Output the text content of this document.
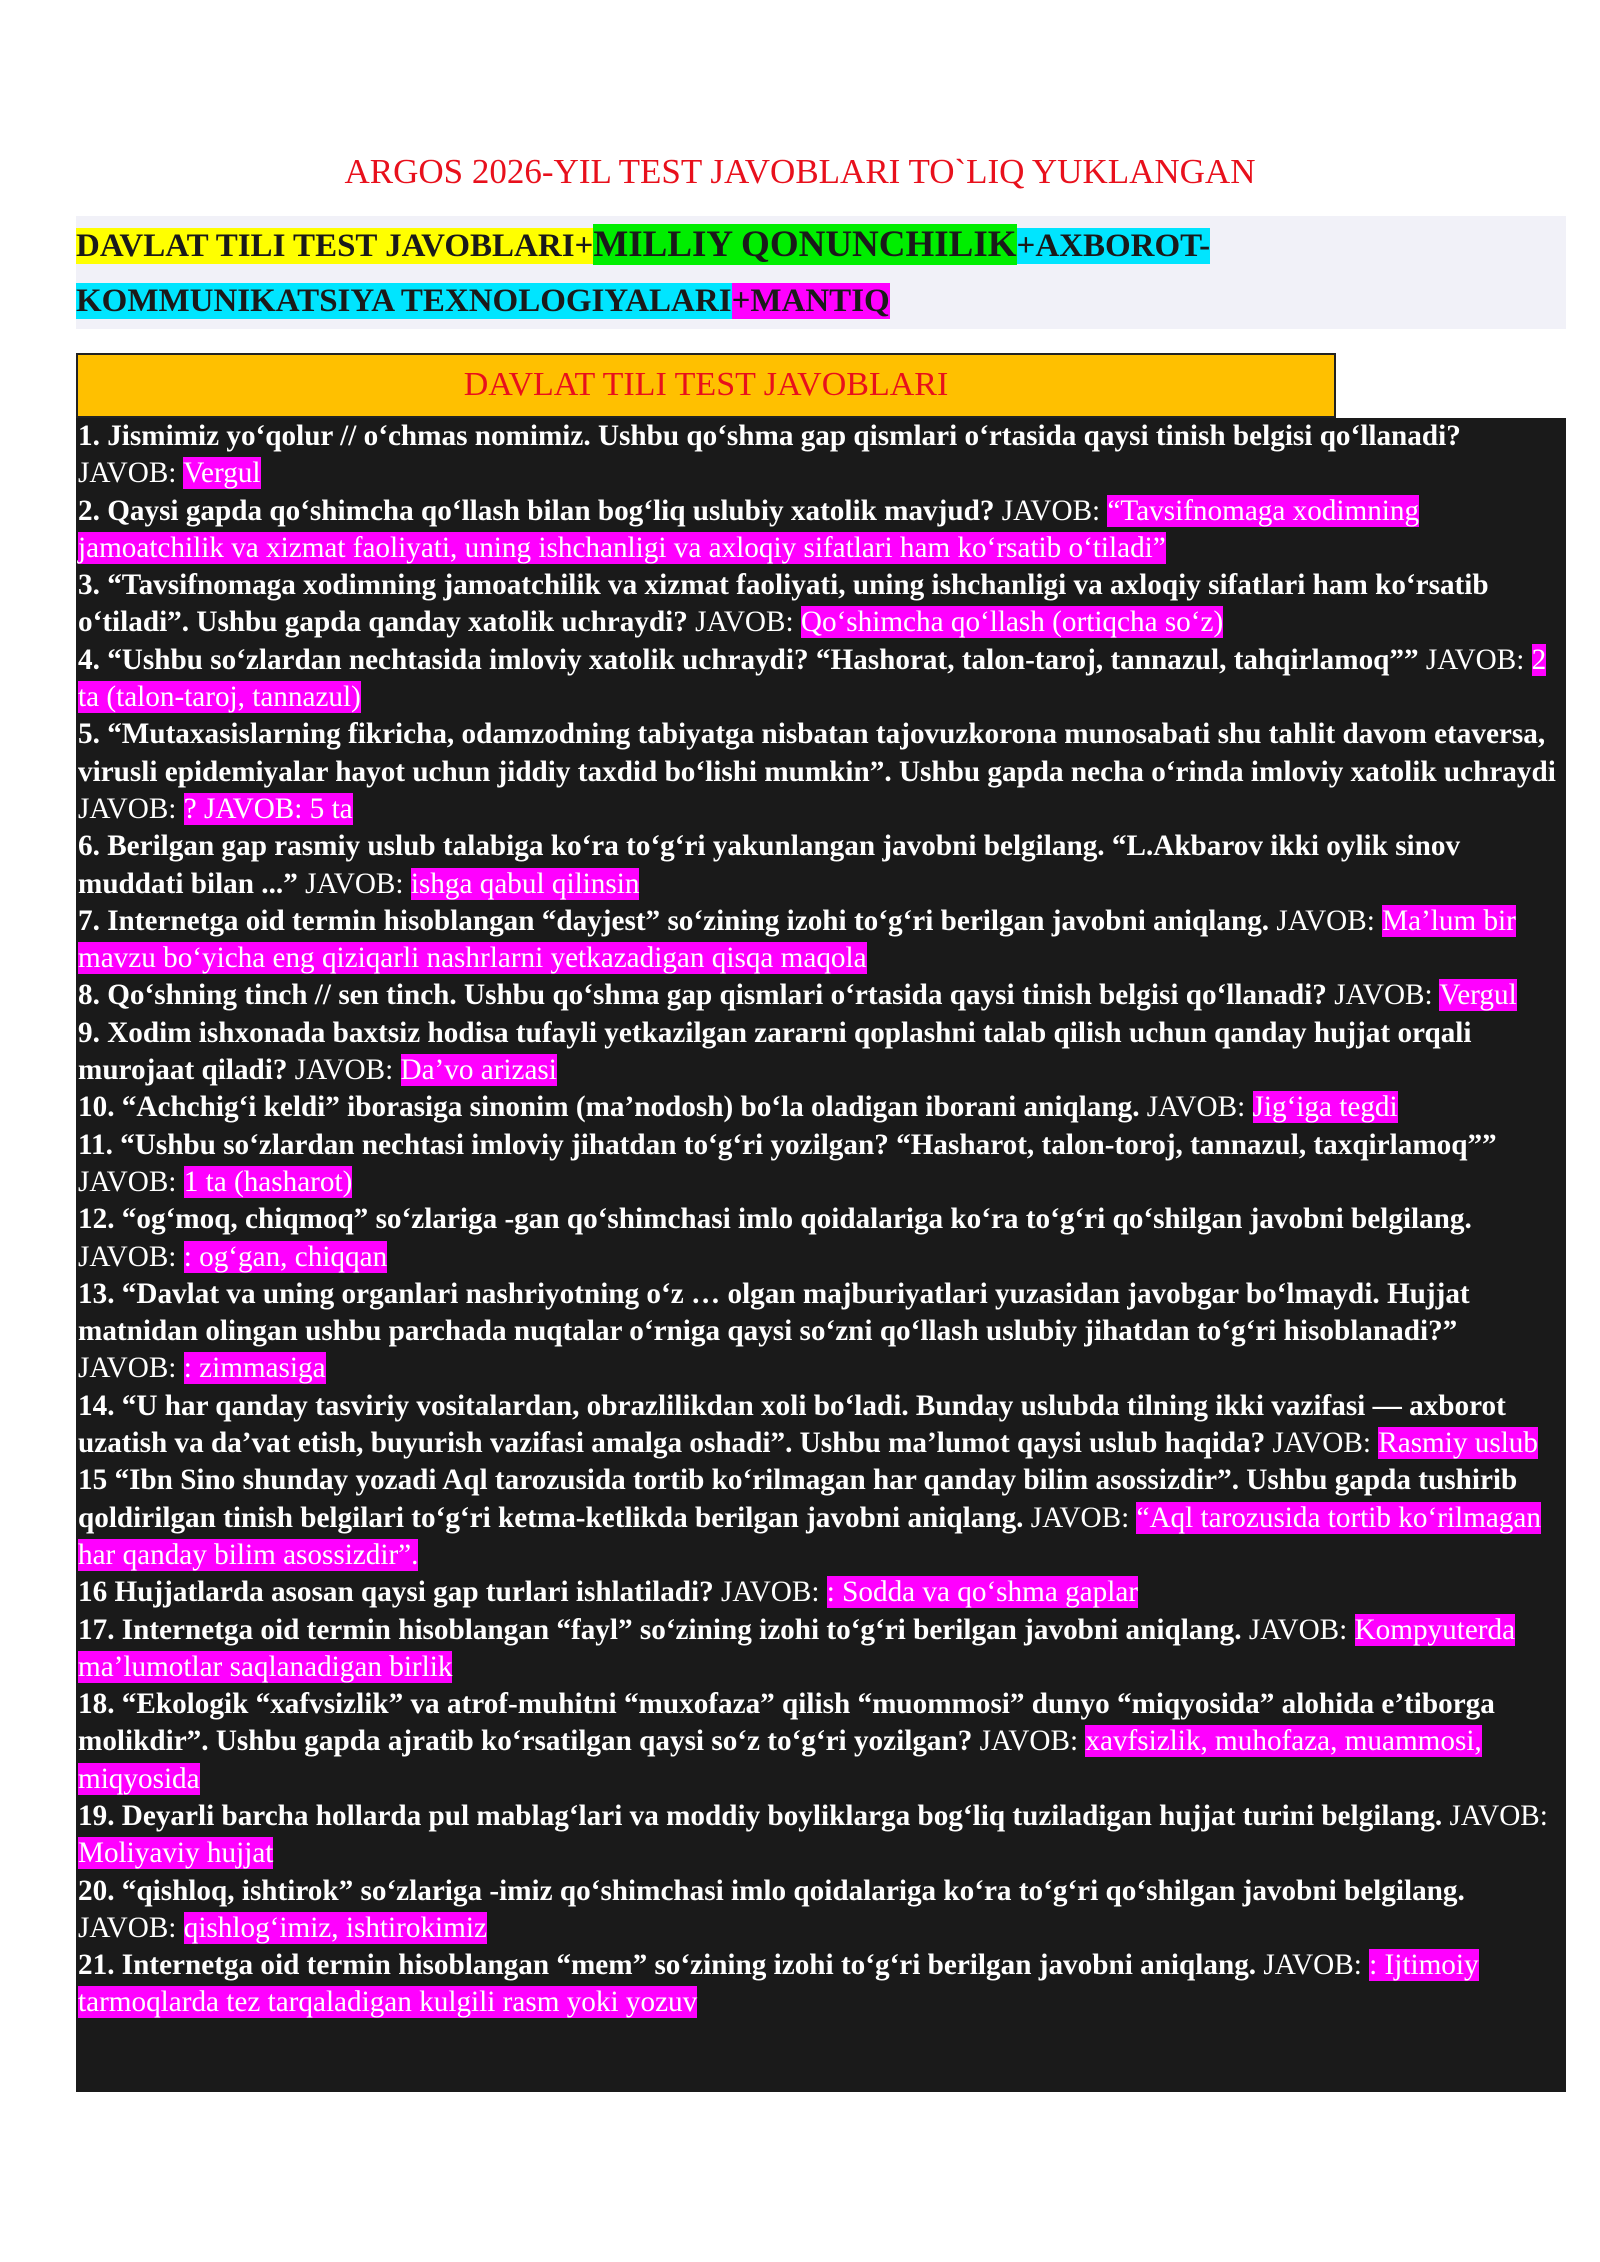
ARGOS 2026-YIL TEST JAVOBLARI TO`LIQ YUKLANGAN
DAVLAT TILI TEST JAVOBLARI+MILLIY QONUNCHILIK+AXBOROT-
KOMMUNIKATSIYA TEXNOLOGIYALARI+MANTIQ
DAVLAT TILI TEST JAVOBLARI

1. Jismimiz yo‘qolur // o‘chmas nomimiz. Ushbu qo‘shma gap qismlari o‘rtasida qaysi tinish belgisi qo‘llanadi? JAVOB: Vergul

2. Qaysi gapda qo‘shimcha qo‘llash bilan bog‘liq uslubiy xatolik mavjud? JAVOB: “Tavsifnomaga xodimning jamoatchilik va xizmat faoliyati, uning ishchanligi va axloqiy sifatlari ham ko‘rsatib o‘tiladi”

3. “Tavsifnomaga xodimning jamoatchilik va xizmat faoliyati, uning ishchanligi va axloqiy sifatlari ham ko‘rsatib o‘tiladi”. Ushbu gapda qanday xatolik uchraydi? JAVOB: Qo‘shimcha qo‘llash (ortiqcha so‘z)

4. “Ushbu so‘zlardan nechtasida imloviy xatolik uchraydi? “Hashorat, talon-taroj, tannazul, tahqirlamoq”” JAVOB: 2 ta (talon-taroj, tannazul)

5. “Mutaxasislarning fikricha, odamzodning tabiyatga nisbatan tajovuzkorona munosabati shu tahlit davom etaversa, virusli epidemiyalar hayot uchun jiddiy taxdid bo‘lishi mumkin”. Ushbu gapda necha o‘rinda imloviy xatolik uchraydi JAVOB: ? JAVOB: 5 ta

6. Berilgan gap rasmiy uslub talabiga ko‘ra to‘g‘ri yakunlangan javobni belgilang. “L.Akbarov ikki oylik sinov muddati bilan ...” JAVOB: ishga qabul qilinsin

7. Internetga oid termin hisoblangan “dayjest” so‘zining izohi to‘g‘ri berilgan javobni aniqlang. JAVOB: Ma’lum bir mavzu bo‘yicha eng qiziqarli nashrlarni yetkazadigan qisqa maqola

8. Qo‘shning tinch // sen tinch. Ushbu qo‘shma gap qismlari o‘rtasida qaysi tinish belgisi qo‘llanadi? JAVOB: Vergul

9. Xodim ishxonada baxtsiz hodisa tufayli yetkazilgan zararni qoplashni talab qilish uchun qanday hujjat orqali murojaat qiladi? JAVOB: Da’vo arizasi

10. “Achchig‘i keldi” iborasiga sinonim (ma’nodosh) bo‘la oladigan iborani aniqlang. JAVOB: Jig‘iga tegdi

11. “Ushbu so‘zlardan nechtasi imloviy jihatdan to‘g‘ri yozilgan? “Hasharot, talon-toroj, tannazul, taxqirlamoq”” JAVOB: 1 ta (hasharot)

12. “og‘moq, chiqmoq” so‘zlariga -gan qo‘shimchasi imlo qoidalariga ko‘ra to‘g‘ri qo‘shilgan javobni belgilang. JAVOB: : og‘gan, chiqqan

13. “Davlat va uning organlari nashriyotning o‘z … olgan majburiyatlari yuzasidan javobgar bo‘lmaydi. Hujjat matnidan olingan ushbu parchada nuqtalar o‘rniga qaysi so‘zni qo‘llash uslubiy jihatdan to‘g‘ri hisoblanadi?” JAVOB: : zimmasiga

14. “U har qanday tasviriy vositalardan, obrazlilikdan xoli bo‘ladi. Bunday uslubda tilning ikki vazifasi — axborot uzatish va da’vat etish, buyurish vazifasi amalga oshadi”. Ushbu ma’lumot qaysi uslub haqida? JAVOB: Rasmiy uslub

15 “Ibn Sino shunday yozadi Aql tarozusida tortib ko‘rilmagan har qanday bilim asossizdir”. Ushbu gapda tushirib qoldirilgan tinish belgilari to‘g‘ri ketma-ketlikda berilgan javobni aniqlang. JAVOB: “Aql tarozusida tortib ko‘rilmagan har qanday bilim asossizdir”.

16 Hujjatlarda asosan qaysi gap turlari ishlatiladi? JAVOB: : Sodda va qo‘shma gaplar

17. Internetga oid termin hisoblangan “fayl” so‘zining izohi to‘g‘ri berilgan javobni aniqlang. JAVOB: Kompyuterda ma’lumotlar saqlanadigan birlik

18. “Ekologik “xafvsizlik” va atrof-muhitni “muxofaza” qilish “muommosi” dunyo “miqyosida” alohida e’tiborga molikdir”. Ushbu gapda ajratib ko‘rsatilgan qaysi so‘z to‘g‘ri yozilgan? JAVOB: xavfsizlik, muhofaza, muammosi, miqyosida

19. Deyarli barcha hollarda pul mablag‘lari va moddiy boyliklarga bog‘liq tuziladigan hujjat turini belgilang. JAVOB: Moliyaviy hujjat

20. “qishloq, ishtirok” so‘zlariga -imiz qo‘shimchasi imlo qoidalariga ko‘ra to‘g‘ri qo‘shilgan javobni belgilang. JAVOB: qishlog‘imiz, ishtirokimiz

21. Internetga oid termin hisoblangan “mem” so‘zining izohi to‘g‘ri berilgan javobni aniqlang. JAVOB: : Ijtimoiy tarmoqlarda tez tarqaladigan kulgili rasm yoki yozuv
